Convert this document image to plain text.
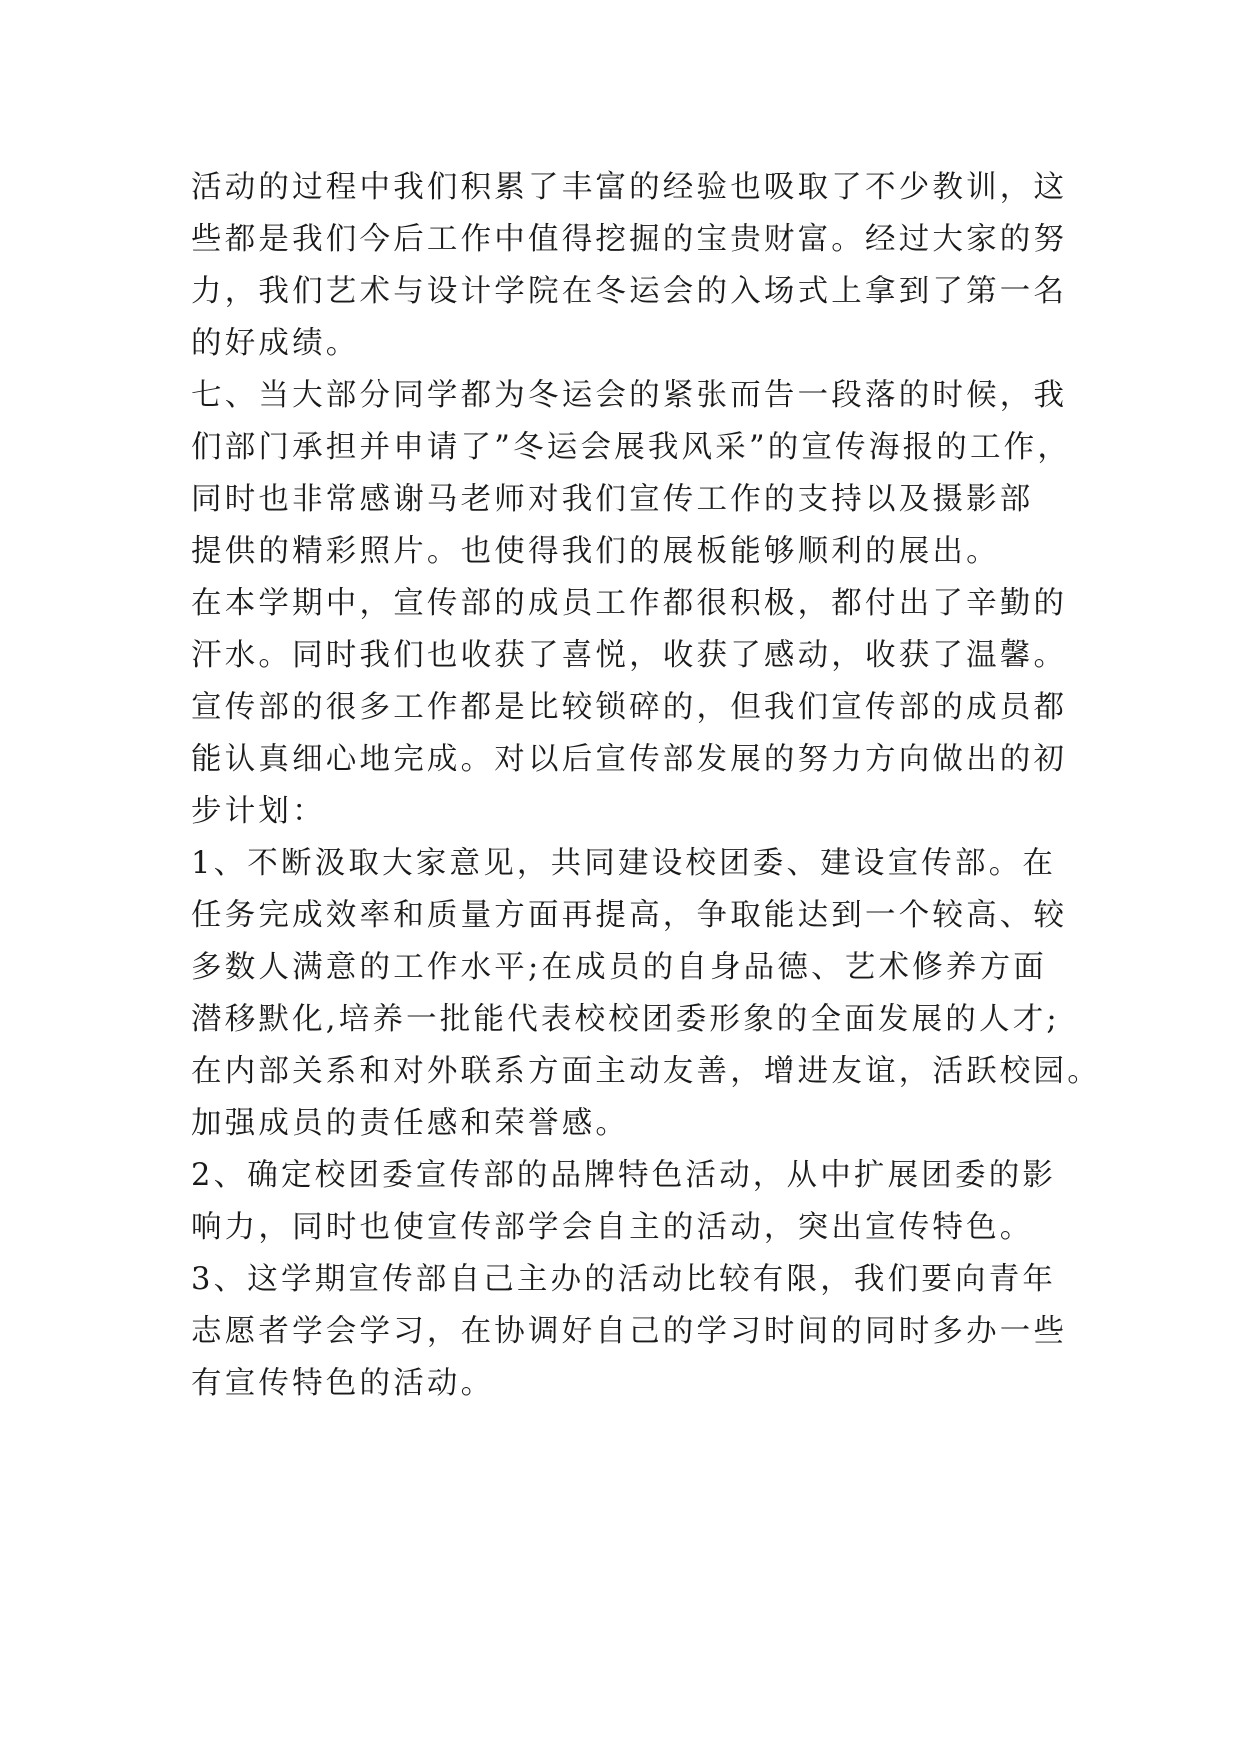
活动的过程中我们积累了丰富的经验也吸取了不少教训，这
些都是我们今后工作中值得挖掘的宝贵财富。经过大家的努
力，我们艺术与设计学院在冬运会的入场式上拿到了第一名
的好成绩。
七、当大部分同学都为冬运会的紧张而告一段落的时候，我
们部门承担并申请了”冬运会展我风采”的宣传海报的工作，
同时也非常感谢马老师对我们宣传工作的支持以及摄影部
提供的精彩照片。也使得我们的展板能够顺利的展出。
在本学期中，宣传部的成员工作都很积极，都付出了辛勤的
汗水。同时我们也收获了喜悦，收获了感动，收获了温馨。
宣传部的很多工作都是比较锁碎的，但我们宣传部的成员都
能认真细心地完成。对以后宣传部发展的努力方向做出的初
步计划：
1、不断汲取大家意见，共同建设校团委、建设宣传部。在
任务完成效率和质量方面再提高，争取能达到一个较高、较
多数人满意的工作水平;在成员的自身品德、艺术修养方面
潜移默化,培养一批能代表校校团委形象的全面发展的人才;
在内部关系和对外联系方面主动友善，增进友谊，活跃校园。
加强成员的责任感和荣誉感。
2、确定校团委宣传部的品牌特色活动，从中扩展团委的影
响力，同时也使宣传部学会自主的活动，突出宣传特色。
3、这学期宣传部自己主办的活动比较有限，我们要向青年
志愿者学会学习，在协调好自己的学习时间的同时多办一些
有宣传特色的活动。
